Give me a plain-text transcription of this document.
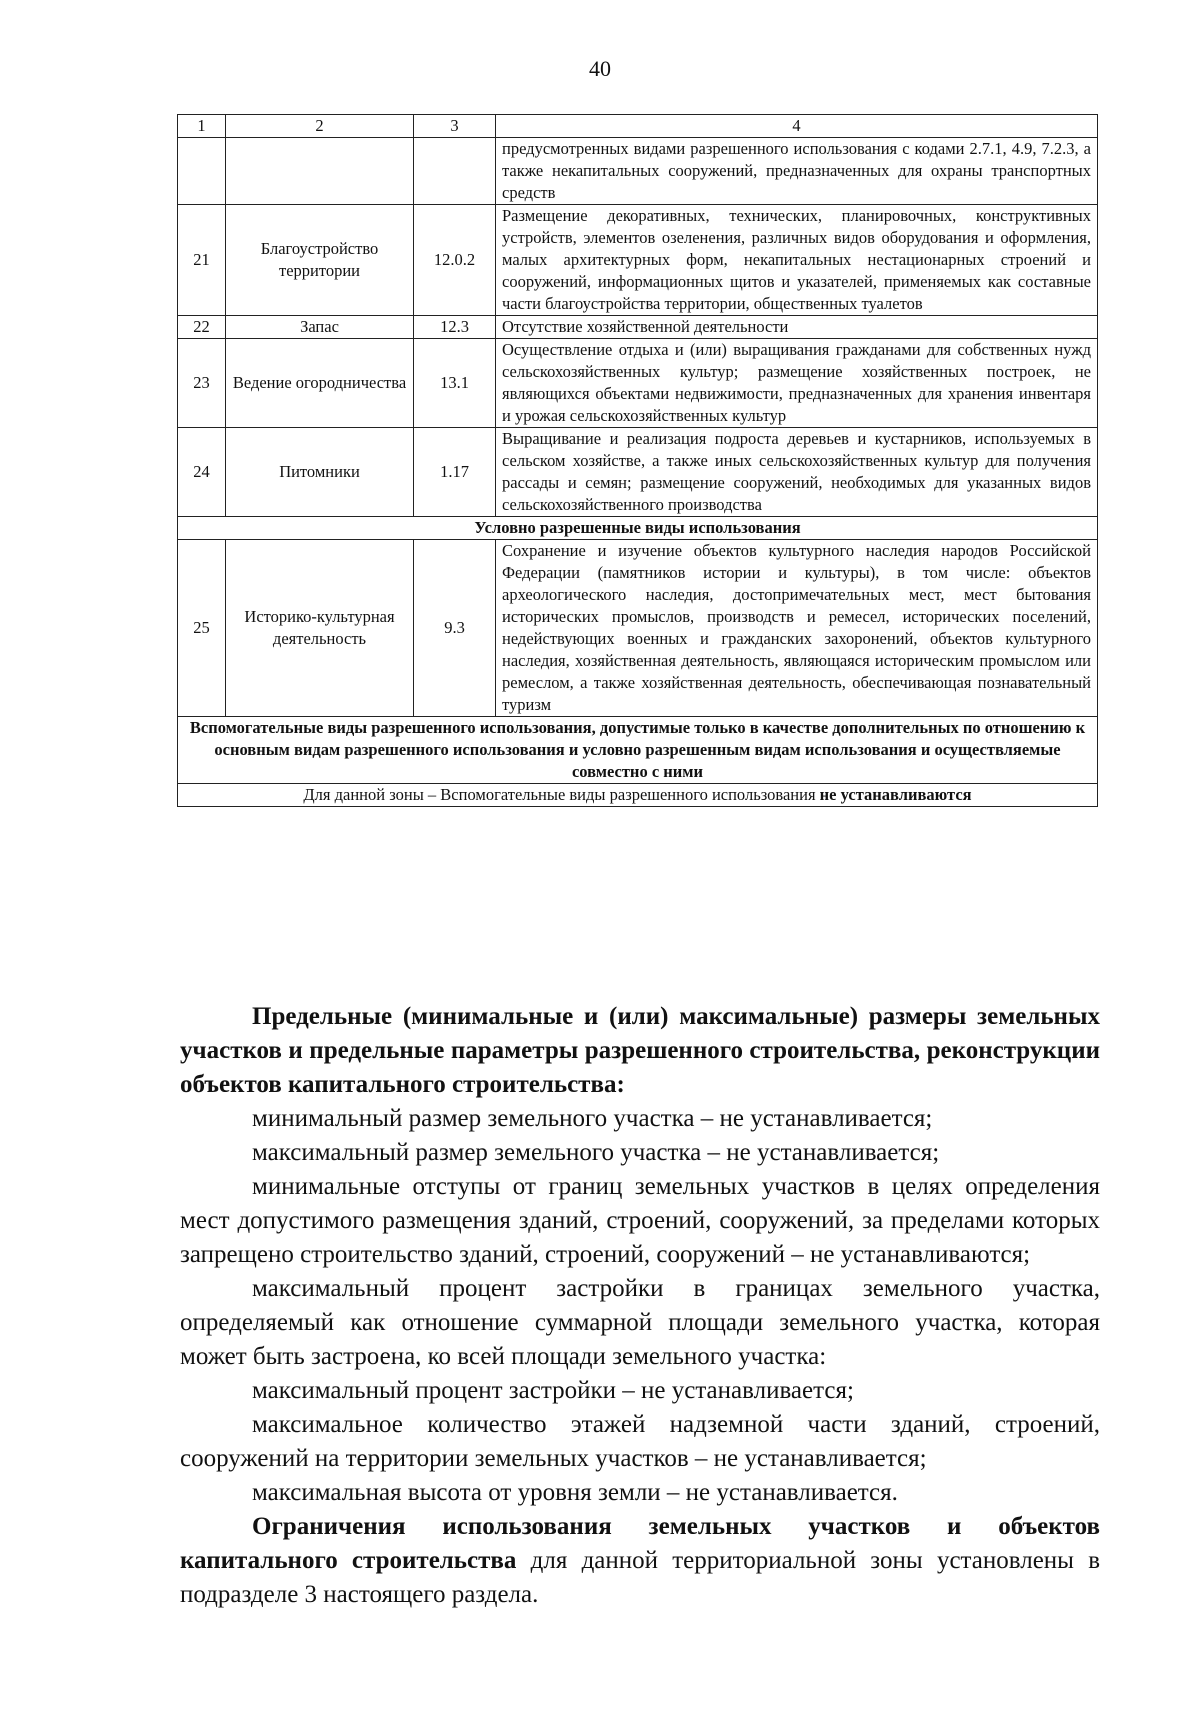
40
1	2	3	4
			предусмотренных видами разрешенного использования с кодами 2.7.1, 4.9, 7.2.3, а также некапитальных сооружений, предназначенных для охраны транспортных средств
21	Благоустройство территории	12.0.2	Размещение декоративных, технических, планировочных, конструктивных устройств, элементов озеленения, различных видов оборудования и оформления, малых архитектурных форм, некапитальных нестационарных строений и сооружений, информационных щитов и указателей, применяемых как составные части благоустройства территории, общественных туалетов
22	Запас	12.3	Отсутствие хозяйственной деятельности
23	Ведение огородничества	13.1	Осуществление отдыха и (или) выращивания гражданами для собственных нужд сельскохозяйственных культур; размещение хозяйственных построек, не являющихся объектами недвижимости, предназначенных для хранения инвентаря и урожая сельскохозяйственных культур
24	Питомники	1.17	Выращивание и реализация подроста деревьев и кустарников, используемых в сельском хозяйстве, а также иных сельскохозяйственных культур для получения рассады и семян; размещение сооружений, необходимых для указанных видов сельскохозяйственного производства
Условно разрешенные виды использования			
25	Историко-культурная деятельность	9.3	Сохранение и изучение объектов культурного наследия народов Российской Федерации (памятников истории и культуры), в том числе: объектов археологического наследия, достопримечательных мест, мест бытования исторических промыслов, производств и ремесел, исторических поселений, недействующих военных и гражданских захоронений, объектов культурного наследия, хозяйственная деятельность, являющаяся историческим промыслом или ремеслом, а также хозяйственная деятельность, обеспечивающая познавательный туризм
Вспомогательные виды разрешенного использования, допустимые только в качестве дополнительных по отношению к основным видам разрешенного использования и условно разрешенным видам использования и осуществляемые совместно с ними			
Для данной зоны – Вспомогательные виды разрешенного использования не устанавливаются			

Предельные (минимальные и (или) максимальные) размеры земельных участков и предельные параметры разрешенного строительства, реконструкции объектов капитального строительства:

минимальный размер земельного участка – не устанавливается;

максимальный размер земельного участка – не устанавливается;

минимальные отступы от границ земельных участков в целях определения мест допустимого размещения зданий, строений, сооружений, за пределами которых запрещено строительство зданий, строений, сооружений – не устанавливаются;

максимальный процент застройки в границах земельного участка, определяемый как отношение суммарной площади земельного участка, которая может быть застроена, ко всей площади земельного участка:

максимальный процент застройки – не устанавливается;

максимальное количество этажей надземной части зданий, строений, сооружений на территории земельных участков – не устанавливается;

максимальная высота от уровня земли – не устанавливается.

Ограничения использования земельных участков и объектов капитального строительства для данной территориальной зоны установлены в подразделе 3 настоящего раздела.
